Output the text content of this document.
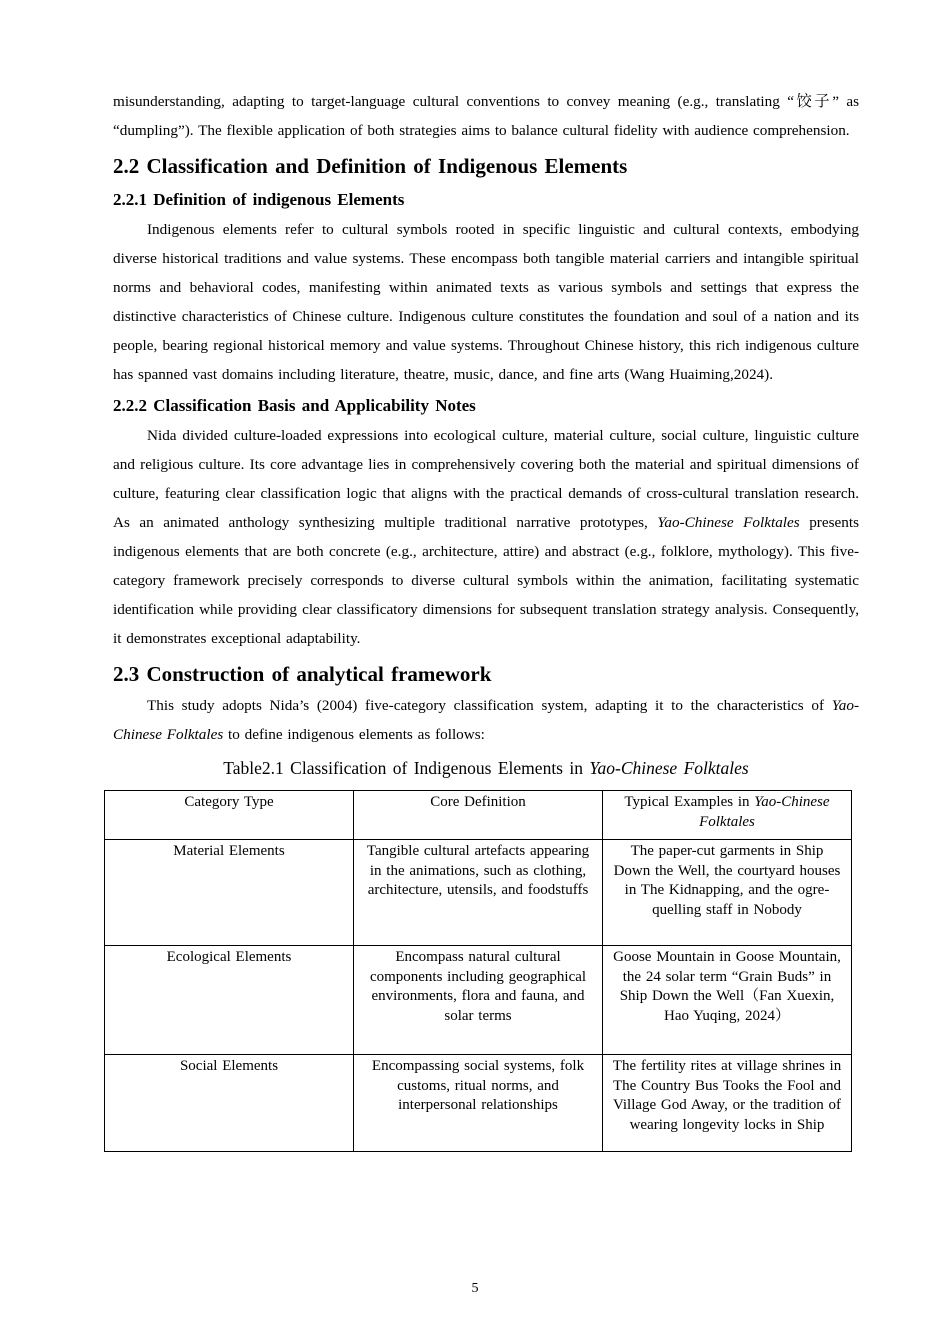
misunderstanding, adapting to target-language cultural conventions to convey meaning (e.g., translating “饺子” as “dumpling”). The flexible application of both strategies aims to balance cultural fidelity with audience comprehension.

2.2 Classification and Definition of Indigenous Elements
2.2.1 Definition of indigenous Elements

Indigenous elements refer to cultural symbols rooted in specific linguistic and cultural contexts, embodying diverse historical traditions and value systems. These encompass both tangible material carriers and intangible spiritual norms and behavioral codes, manifesting within animated texts as various symbols and settings that express the distinctive characteristics of Chinese culture. Indigenous culture constitutes the foundation and soul of a nation and its people, bearing regional historical memory and value systems. Throughout Chinese history, this rich indigenous culture has spanned vast domains including literature, theatre, music, dance, and fine arts (Wang Huaiming,2024).

2.2.2 Classification Basis and Applicability Notes

Nida divided culture-loaded expressions into ecological culture, material culture, social culture, linguistic culture and religious culture. Its core advantage lies in comprehensively covering both the material and spiritual dimensions of culture, featuring clear classification logic that aligns with the practical demands of cross-cultural translation research. As an animated anthology synthesizing multiple traditional narrative prototypes, Yao-Chinese Folktales presents indigenous elements that are both concrete (e.g., architecture, attire) and abstract (e.g., folklore, mythology). This five-category framework precisely corresponds to diverse cultural symbols within the animation, facilitating systematic identification while providing clear classificatory dimensions for subsequent translation strategy analysis. Consequently, it demonstrates exceptional adaptability.

2.3 Construction of analytical framework

This study adopts Nida’s (2004) five-category classification system, adapting it to the characteristics of Yao-Chinese Folktales to define indigenous elements as follows:

Table2.1 Classification of Indigenous Elements in Yao-Chinese Folktales
Category Type	Core Definition	Typical Examples in Yao-Chinese Folktales
Material Elements	Tangible cultural artefacts appearing in the animations, such as clothing, architecture, utensils, and foodstuffs	The paper-cut garments in Ship Down the Well, the courtyard houses in The Kidnapping, and the ogre-quelling staff in Nobody
Ecological Elements	Encompass natural cultural components including geographical environments, flora and fauna, and solar terms	Goose Mountain in Goose Mountain, the 24 solar term “Grain Buds” in Ship Down the Well（Fan Xuexin, Hao Yuqing, 2024）
Social Elements	Encompassing social systems, folk customs, ritual norms, and interpersonal relationships	The fertility rites at village shrines in The Country Bus Tooks the Fool and Village God Away, or the tradition of wearing longevity locks in Ship
5
